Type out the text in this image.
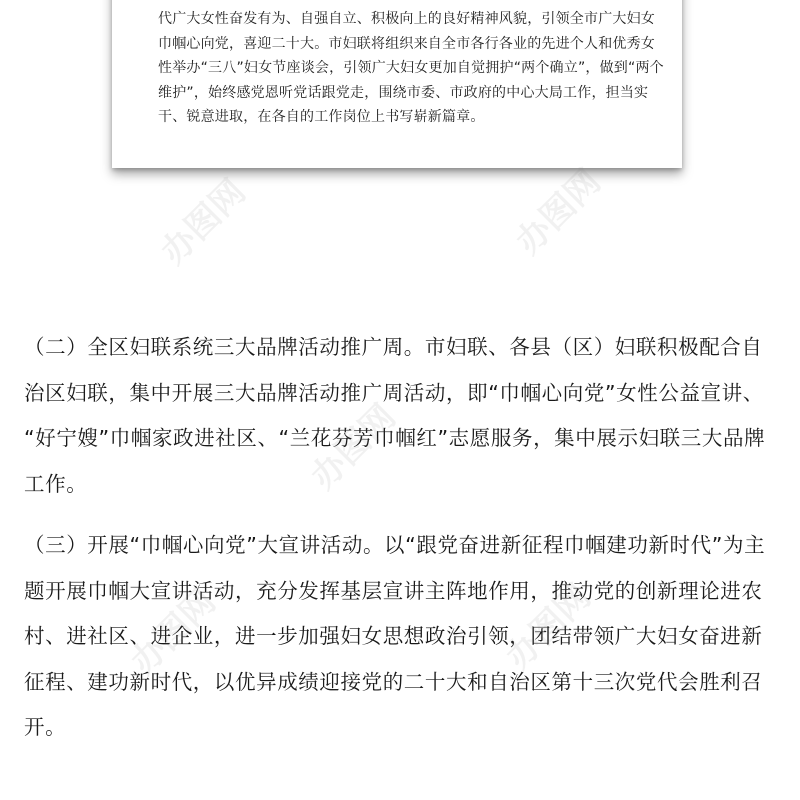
代广大女性奋发有为、自强自立、积极向上的良好精神风貌，引领全市广大妇女
巾帼心向党，喜迎二十大。市妇联将组织来自全市各行各业的先进个人和优秀女
性举办“三八”妇女节座谈会，引领广大妇女更加自觉拥护“两个确立”，做到“两个
维护”，始终感党恩听党话跟党走，围绕市委、市政府的中心大局工作，担当实
干、锐意进取，在各自的工作岗位上书写崭新篇章。
（二）全区妇联系统三大品牌活动推广周。市妇联、各县（区）妇联积极配合自
治区妇联，集中开展三大品牌活动推广周活动，即“巾帼心向党”女性公益宣讲、
“好宁嫂”巾帼家政进社区、“兰花芬芳巾帼红”志愿服务，集中展示妇联三大品牌
工作。
（三）开展“巾帼心向党”大宣讲活动。以“跟党奋进新征程巾帼建功新时代”为主
题开展巾帼大宣讲活动，充分发挥基层宣讲主阵地作用，推动党的创新理论进农
村、进社区、进企业，进一步加强妇女思想政治引领，团结带领广大妇女奋进新
征程、建功新时代，以优异成绩迎接党的二十大和自治区第十三次党代会胜利召
开。
办图网	办图网
办图网
办图网	办图网
